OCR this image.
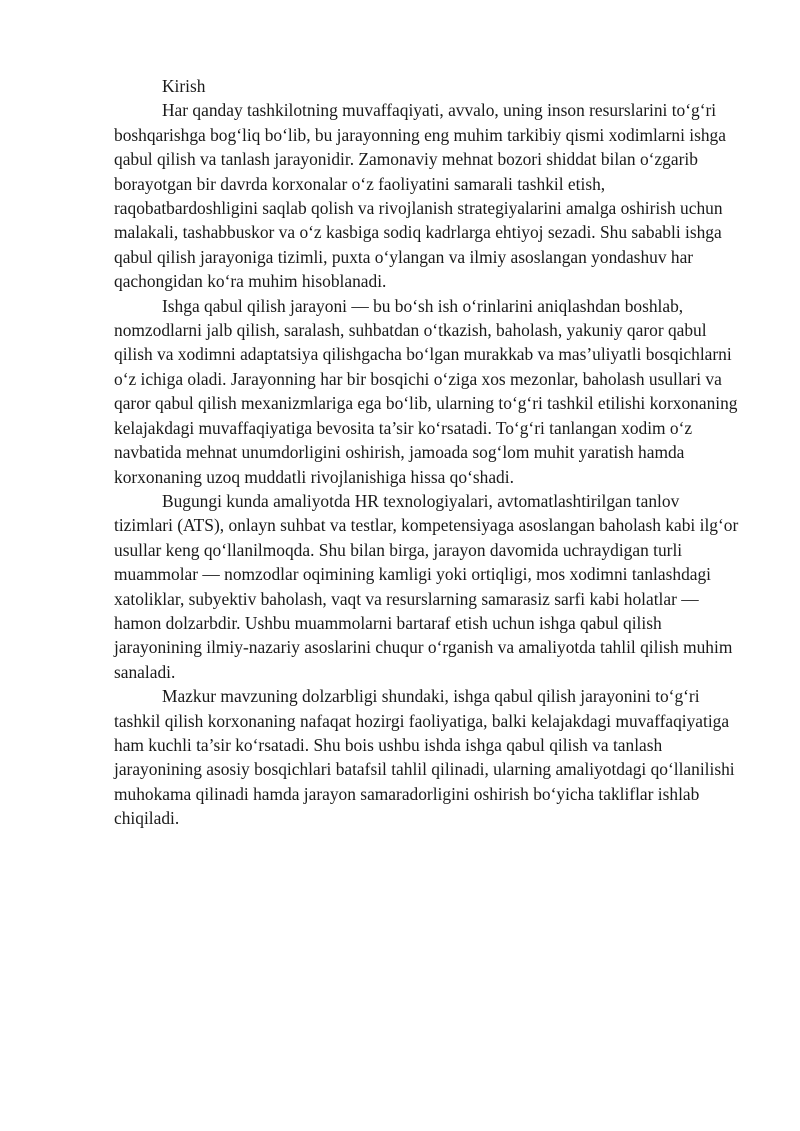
Kirish

Har qanday tashkilotning muvaffaqiyati, avvalo, uning inson resurslarini to‘g‘ri boshqarishga bog‘liq bo‘lib, bu jarayonning eng muhim tarkibiy qismi xodimlarni ishga qabul qilish va tanlash jarayonidir. Zamonaviy mehnat bozori shiddat bilan o‘zgarib borayotgan bir davrda korxonalar o‘z faoliyatini samarali tashkil etish, raqobatbardoshligini saqlab qolish va rivojlanish strategiyalarini amalga oshirish uchun malakali, tashabbuskor va o‘z kasbiga sodiq kadrlarga ehtiyoj sezadi. Shu sababli ishga qabul qilish jarayoniga tizimli, puxta o‘ylangan va ilmiy asoslangan yondashuv har qachongidan ko‘ra muhim hisoblanadi.

Ishga qabul qilish jarayoni — bu bo‘sh ish o‘rinlarini aniqlashdan boshlab, nomzodlarni jalb qilish, saralash, suhbatdan o‘tkazish, baholash, yakuniy qaror qabul qilish va xodimni adaptatsiya qilishgacha bo‘lgan murakkab va mas’uliyatli bosqichlarni o‘z ichiga oladi. Jarayonning har bir bosqichi o‘ziga xos mezonlar, baholash usullari va qaror qabul qilish mexanizmlariga ega bo‘lib, ularning to‘g‘ri tashkil etilishi korxonaning kelajakdagi muvaffaqiyatiga bevosita ta’sir ko‘rsatadi. To‘g‘ri tanlangan xodim o‘z navbatida mehnat unumdorligini oshirish, jamoada sog‘lom muhit yaratish hamda korxonaning uzoq muddatli rivojlanishiga hissa qo‘shadi.

Bugungi kunda amaliyotda HR texnologiyalari, avtomatlashtirilgan tanlov tizimlari (ATS), onlayn suhbat va testlar, kompetensiyaga asoslangan baholash kabi ilg‘or usullar keng qo‘llanilmoqda. Shu bilan birga, jarayon davomida uchraydigan turli muammolar — nomzodlar oqimining kamligi yoki ortiqligi, mos xodimni tanlashdagi xatoliklar, subyektiv baholash, vaqt va resurslarning samarasiz sarfi kabi holatlar — hamon dolzarbdir. Ushbu muammolarni bartaraf etish uchun ishga qabul qilish jarayonining ilmiy-nazariy asoslarini chuqur o‘rganish va amaliyotda tahlil qilish muhim sanaladi.

Mazkur mavzuning dolzarbligi shundaki, ishga qabul qilish jarayonini to‘g‘ri tashkil qilish korxonaning nafaqat hozirgi faoliyatiga, balki kelajakdagi muvaffaqiyatiga ham kuchli ta’sir ko‘rsatadi. Shu bois ushbu ishda ishga qabul qilish va tanlash jarayonining asosiy bosqichlari batafsil tahlil qilinadi, ularning amaliyotdagi qo‘llanilishi muhokama qilinadi hamda jarayon samaradorligini oshirish bo‘yicha takliflar ishlab chiqiladi.
